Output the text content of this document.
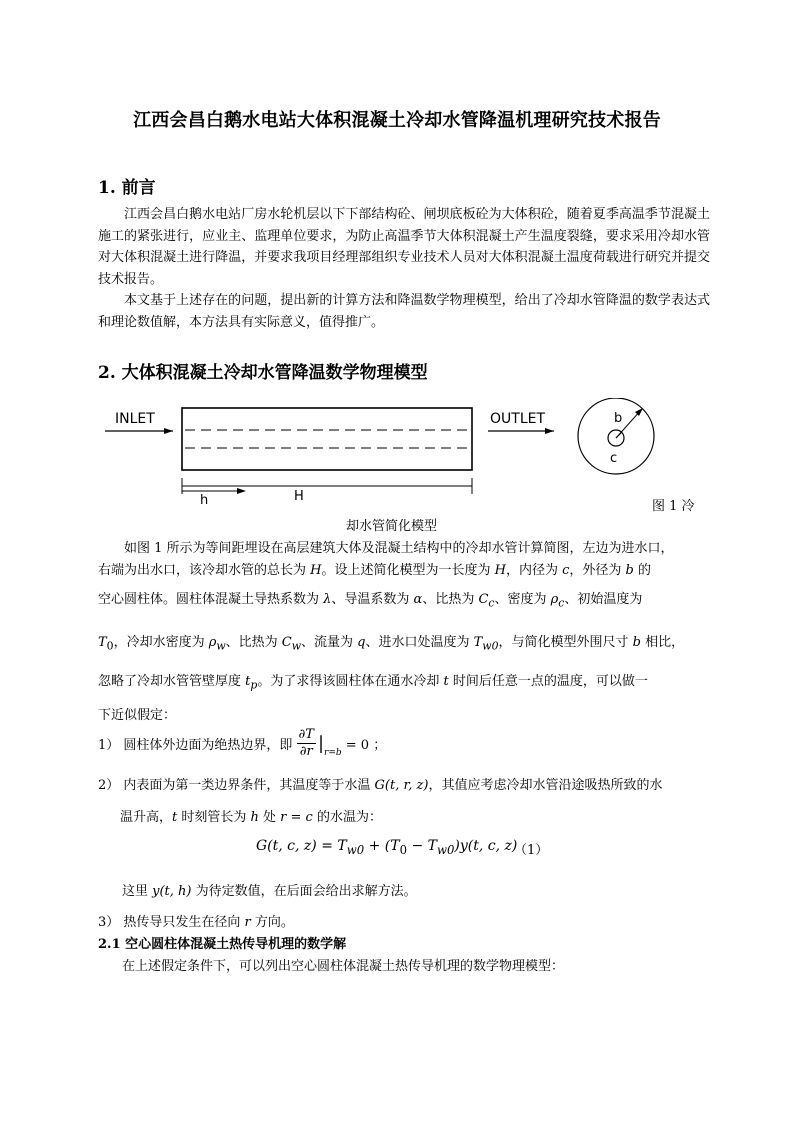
江西会昌白鹅水电站大体积混凝土冷却水管降温机理研究技术报告
1. 前言

江西会昌白鹅水电站厂房水轮机层以下下部结构砼、闸坝底板砼为大体积砼，随着夏季高温季节混凝土施工的紧张进行，应业主、监理单位要求，为防止高温季节大体积混凝土产生温度裂缝，要求采用冷却水管对大体积混凝土进行降温，并要求我项目经理部组织专业技术人员对大体积混凝土温度荷载进行研究并提交技术报告。

本文基于上述存在的问题，提出新的计算方法和降温数学物理模型，给出了冷却水管降温的数学表达式和理论数值解，本方法具有实际意义，值得推广。

2. 大体积混凝土冷却水管降温数学物理模型
INLET	OUTLET	b
c
h	H
图 1 冷
却水管简化模型
如图 1 所示为等间距埋设在高层建筑大体及混凝土结构中的冷却水管计算简图，左边为进水口，
右端为出水口，该冷却水管的总长为 H。设上述简化模型为一长度为 H，内径为 c，外径为 b 的
空心圆柱体。圆柱体混凝土导热系数为 λ、导温系数为 α、比热为 $C_c$、密度为 $\rho_c$、初始温度为
$T_0$，冷却水密度为 $\rho_w$、比热为 $C_w$、流量为 q、进水口处温度为 $T_{w0}$，与简化模型外围尺寸 b 相比，
忽略了冷却水管管壁厚度 $t_p$。为了求得该圆柱体在通水冷却 t 时间后任意一点的温度，可以做一
下近似假定：
1） 圆柱体外边面为绝热边界，即 $\frac{\partial T}{\partial r} |_{r=b} = 0$ ；
2） 内表面为第一类边界条件，其温度等于水温 G(t, r, z)，其值应考虑冷却水管沿途吸热所致的水
温升高，t 时刻管长为 h 处 r = c 的水温为：
G(t, c, $z) = T_{w0} + (T_0 - T_{w0})y(t$, c, z)
（1）
这里 y(t, h) 为待定数值，在后面会给出求解方法。
3） 热传导只发生在径向 r 方向。
2.1 空心圆柱体混凝土热传导机理的数学解
在上述假定条件下，可以列出空心圆柱体混凝土热传导机理的数学物理模型：
